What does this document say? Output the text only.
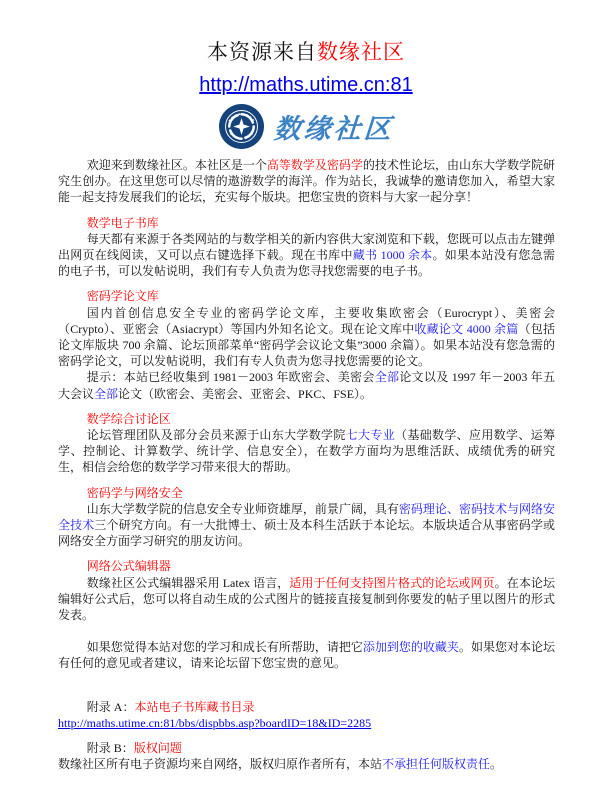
本资源来自数缘社区
http://maths.utime.cn:81
数缘社区

欢迎来到数缘社区。本社区是一个高等数学及密码学的技术性论坛，由山东大学数学院研究生创办。在这里您可以尽情的遨游数学的海洋。作为站长，我诚挚的邀请您加入，希望大家能一起支持发展我们的论坛，充实每个版块。把您宝贵的资料与大家一起分享！

数学电子书库

每天都有来源于各类网站的与数学相关的新内容供大家浏览和下载，您既可以点击左键弹出网页在线阅读，又可以点右键选择下载。现在书库中藏书 1000 余本。如果本站没有您急需的电子书，可以发帖说明，我们有专人负责为您寻找您需要的电子书。

密码学论文库

国内首创信息安全专业的密码学论文库，主要收集欧密会（Eurocrypt）、美密会（Crypto）、亚密会（Asiacrypt）等国内外知名论文。现在论文库中收藏论文 4000 余篇（包括论文库版块 700 余篇、论坛顶部菜单“密码学会议论文集”3000 余篇）。如果本站没有您急需的密码学论文，可以发帖说明，我们有专人负责为您寻找您需要的论文。

提示：本站已经收集到 1981－2003 年欧密会、美密会全部论文以及 1997 年－2003 年五大会议全部论文（欧密会、美密会、亚密会、PKC、FSE）。

数学综合讨论区

论坛管理团队及部分会员来源于山东大学数学院七大专业（基础数学、应用数学、运筹学、控制论、计算数学、统计学、信息安全），在数学方面均为思维活跃、成绩优秀的研究生，相信会给您的数学学习带来很大的帮助。

密码学与网络安全

山东大学数学院的信息安全专业师资雄厚，前景广阔，具有密码理论、密码技术与网络安全技术三个研究方向。有一大批博士、硕士及本科生活跃于本论坛。本版块适合从事密码学或网络安全方面学习研究的朋友访问。

网络公式编辑器

数缘社区公式编辑器采用 Latex 语言，适用于任何支持图片格式的论坛或网页。在本论坛编辑好公式后，您可以将自动生成的公式图片的链接直接复制到你要发的帖子里以图片的形式发表。

如果您觉得本站对您的学习和成长有所帮助，请把它添加到您的收藏夹。如果您对本论坛有任何的意见或者建议，请来论坛留下您宝贵的意见。

附录 A：本站电子书库藏书目录

http://maths.utime.cn:81/bbs/dispbbs.asp?boardID=18&ID=2285

附录 B：版权问题

数缘社区所有电子资源均来自网络，版权归原作者所有，本站不承担任何版权责任。
